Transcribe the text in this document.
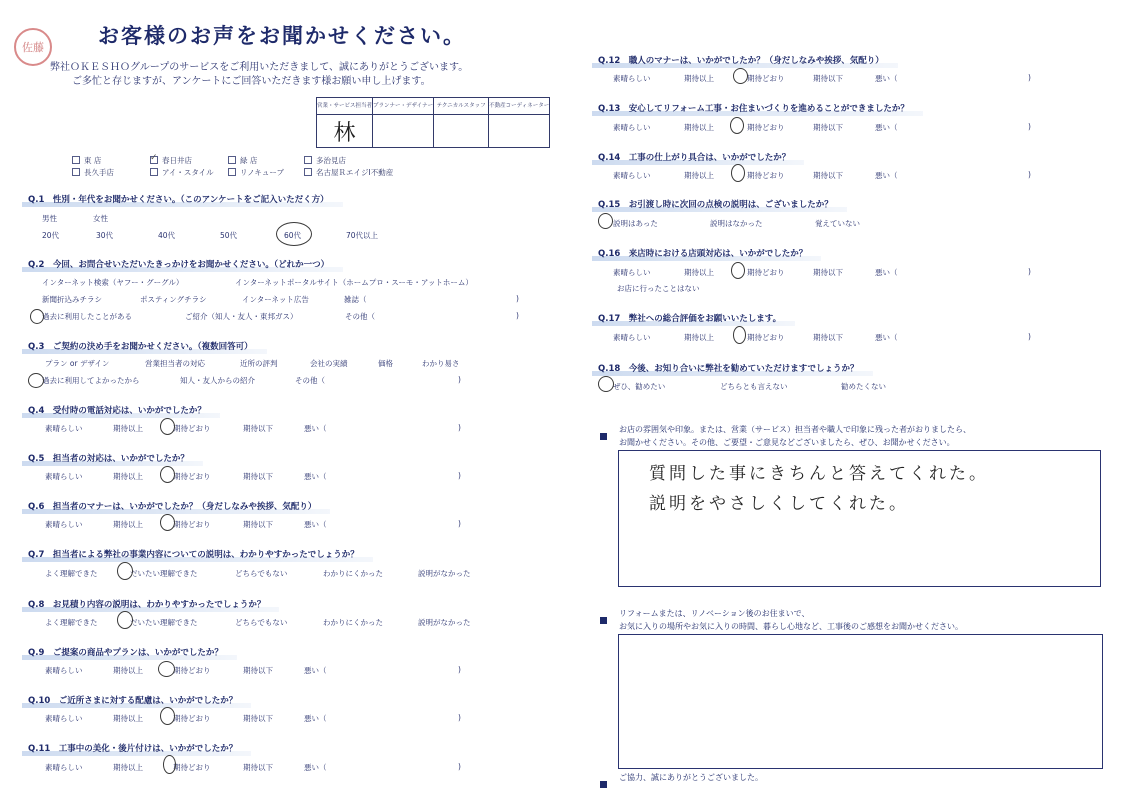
佐藤	お客様のお声をお聞かせください。
弊社ＯＫＥＳＨＯグループのサービスをご利用いただきまして、誠にありがとうございます。
ご多忙と存じますが、アンケートにご回答いただきます様お願い申し上げます。
営業・サービス担当者	プランナー・デザイナー	テクニカルスタッフ	不動産コーディネーター
林			
東 店 ✓	春日井店	緑 店	多治見店
長久手店	アイ・スタイル	リノキューブ	名古屋ＲエイジI不動産
Q.1　性別・年代をお聞かせください。（このアンケートをご記入いただく方）
男性	女性
20代	30代	40代	50代	60代	70代以上
Q.2　今回、お問合せいただいたきっかけをお聞かせください。（どれか一つ）
インターネット検索（ヤフー・グーグル）	インターネットポータルサイト（ホームプロ・スーモ・アットホーム）
新聞折込みチラシ	ポスティングチラシ	インターネット広告	雑誌（	)
過去に利用したことがある	ご紹介（知人・友人・東邦ガス）	その他（	)
Q.3　ご契約の決め手をお聞かせください。（複数回答可）
プラン or デザイン	営業担当者の対応	近所の評判	会社の実績	価格	わかり易さ
過去に利用してよかったから	知人・友人からの紹介	その他（	)
Q.4　受付時の電話対応は、いかがでしたか？
素晴らしい	期待以上	期待どおり	期待以下	悪い（	)
Q.5　担当者の対応は、いかがでしたか？
素晴らしい	期待以上	期待どおり	期待以下	悪い（	)
Q.6　担当者のマナーは、いかがでしたか？（身だしなみや挨拶、気配り）
素晴らしい	期待以上	期待どおり	期待以下	悪い（	)
Q.7　担当者による弊社の事業内容についての説明は、わかりやすかったでしょうか？
よく理解できた	だいたい理解できた	どちらでもない	わかりにくかった	説明がなかった
Q.8　お見積り内容の説明は、わかりやすかったでしょうか？
よく理解できた	だいたい理解できた	どちらでもない	わかりにくかった	説明がなかった
Q.9　ご提案の商品やプランは、いかがでしたか？
素晴らしい	期待以上	期待どおり	期待以下	悪い（	)
Q.10　ご近所さまに対する配慮は、いかがでしたか？
素晴らしい	期待以上	期待どおり	期待以下	悪い（	)
Q.11　工事中の美化・後片付けは、いかがでしたか？
素晴らしい	期待以上	期待どおり	期待以下	悪い（	)
Q.12　職人のマナーは、いかがでしたか？（身だしなみや挨拶、気配り）
素晴らしい	期待以上	期待どおり	期待以下	悪い（	)
Q.13　安心してリフォーム工事・お住まいづくりを進めることができましたか？
素晴らしい	期待以上	期待どおり	期待以下	悪い（	)
Q.14　工事の仕上がり具合は、いかがでしたか？
素晴らしい	期待以上	期待どおり	期待以下	悪い（	)
Q.15　お引渡し時に次回の点検の説明は、ございましたか？
説明はあった	説明はなかった	覚えていない
Q.16　来店時における店頭対応は、いかがでしたか？
素晴らしい	期待以上	期待どおり	期待以下	悪い（	)
お店に行ったことはない
Q.17　弊社への総合評価をお願いいたします。
素晴らしい	期待以上	期待どおり	期待以下	悪い（	)
Q.18　今後、お知り合いに弊社を勧めていただけますでしょうか？
ぜひ、勧めたい	どちらとも言えない	勧めたくない
お店の雰囲気や印象。または、営業（サービス）担当者や職人で印象に残った者がおりましたら、
お聞かせください。その他、ご要望・ご意見などございましたら、ぜひ、お聞かせください。
質問した事にきちんと答えてくれた。
説明をやさしくしてくれた。
リフォームまたは、リノベーション後のお住まいで、
お気に入りの場所やお気に入りの時間、暮らし心地など、工事後のご感想をお聞かせください。
ご協力、誠にありがとうございました。
